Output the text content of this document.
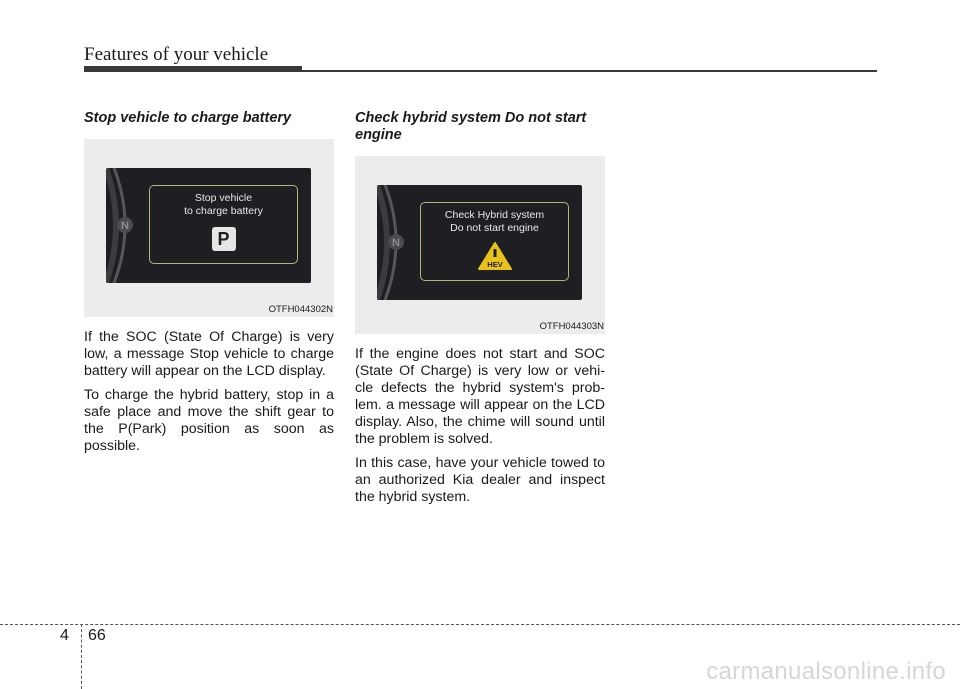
Features of your vehicle
Stop vehicle to charge battery
N
Stop vehicle
to charge battery
P
OTFH044302N

If the SOC (State Of Charge) is very low, a message Stop vehicle to charge battery will appear on the LCD display.

To charge the hybrid battery, stop in a safe place and move the shift gear to the P(Park) position as soon as possible.

Check hybrid system Do not start engine
N
Check Hybrid system
Do not start engine
HEV
OTFH044303N

If the engine does not start and SOC (State Of Charge) is very low or vehi-cle defects the hybrid system's prob-lem. a message will appear on the LCD display. Also, the chime will sound until the problem is solved.

In this case, have your vehicle towed to an authorized Kia dealer and inspect the hybrid system.

4 66
carmanualsonline.info
